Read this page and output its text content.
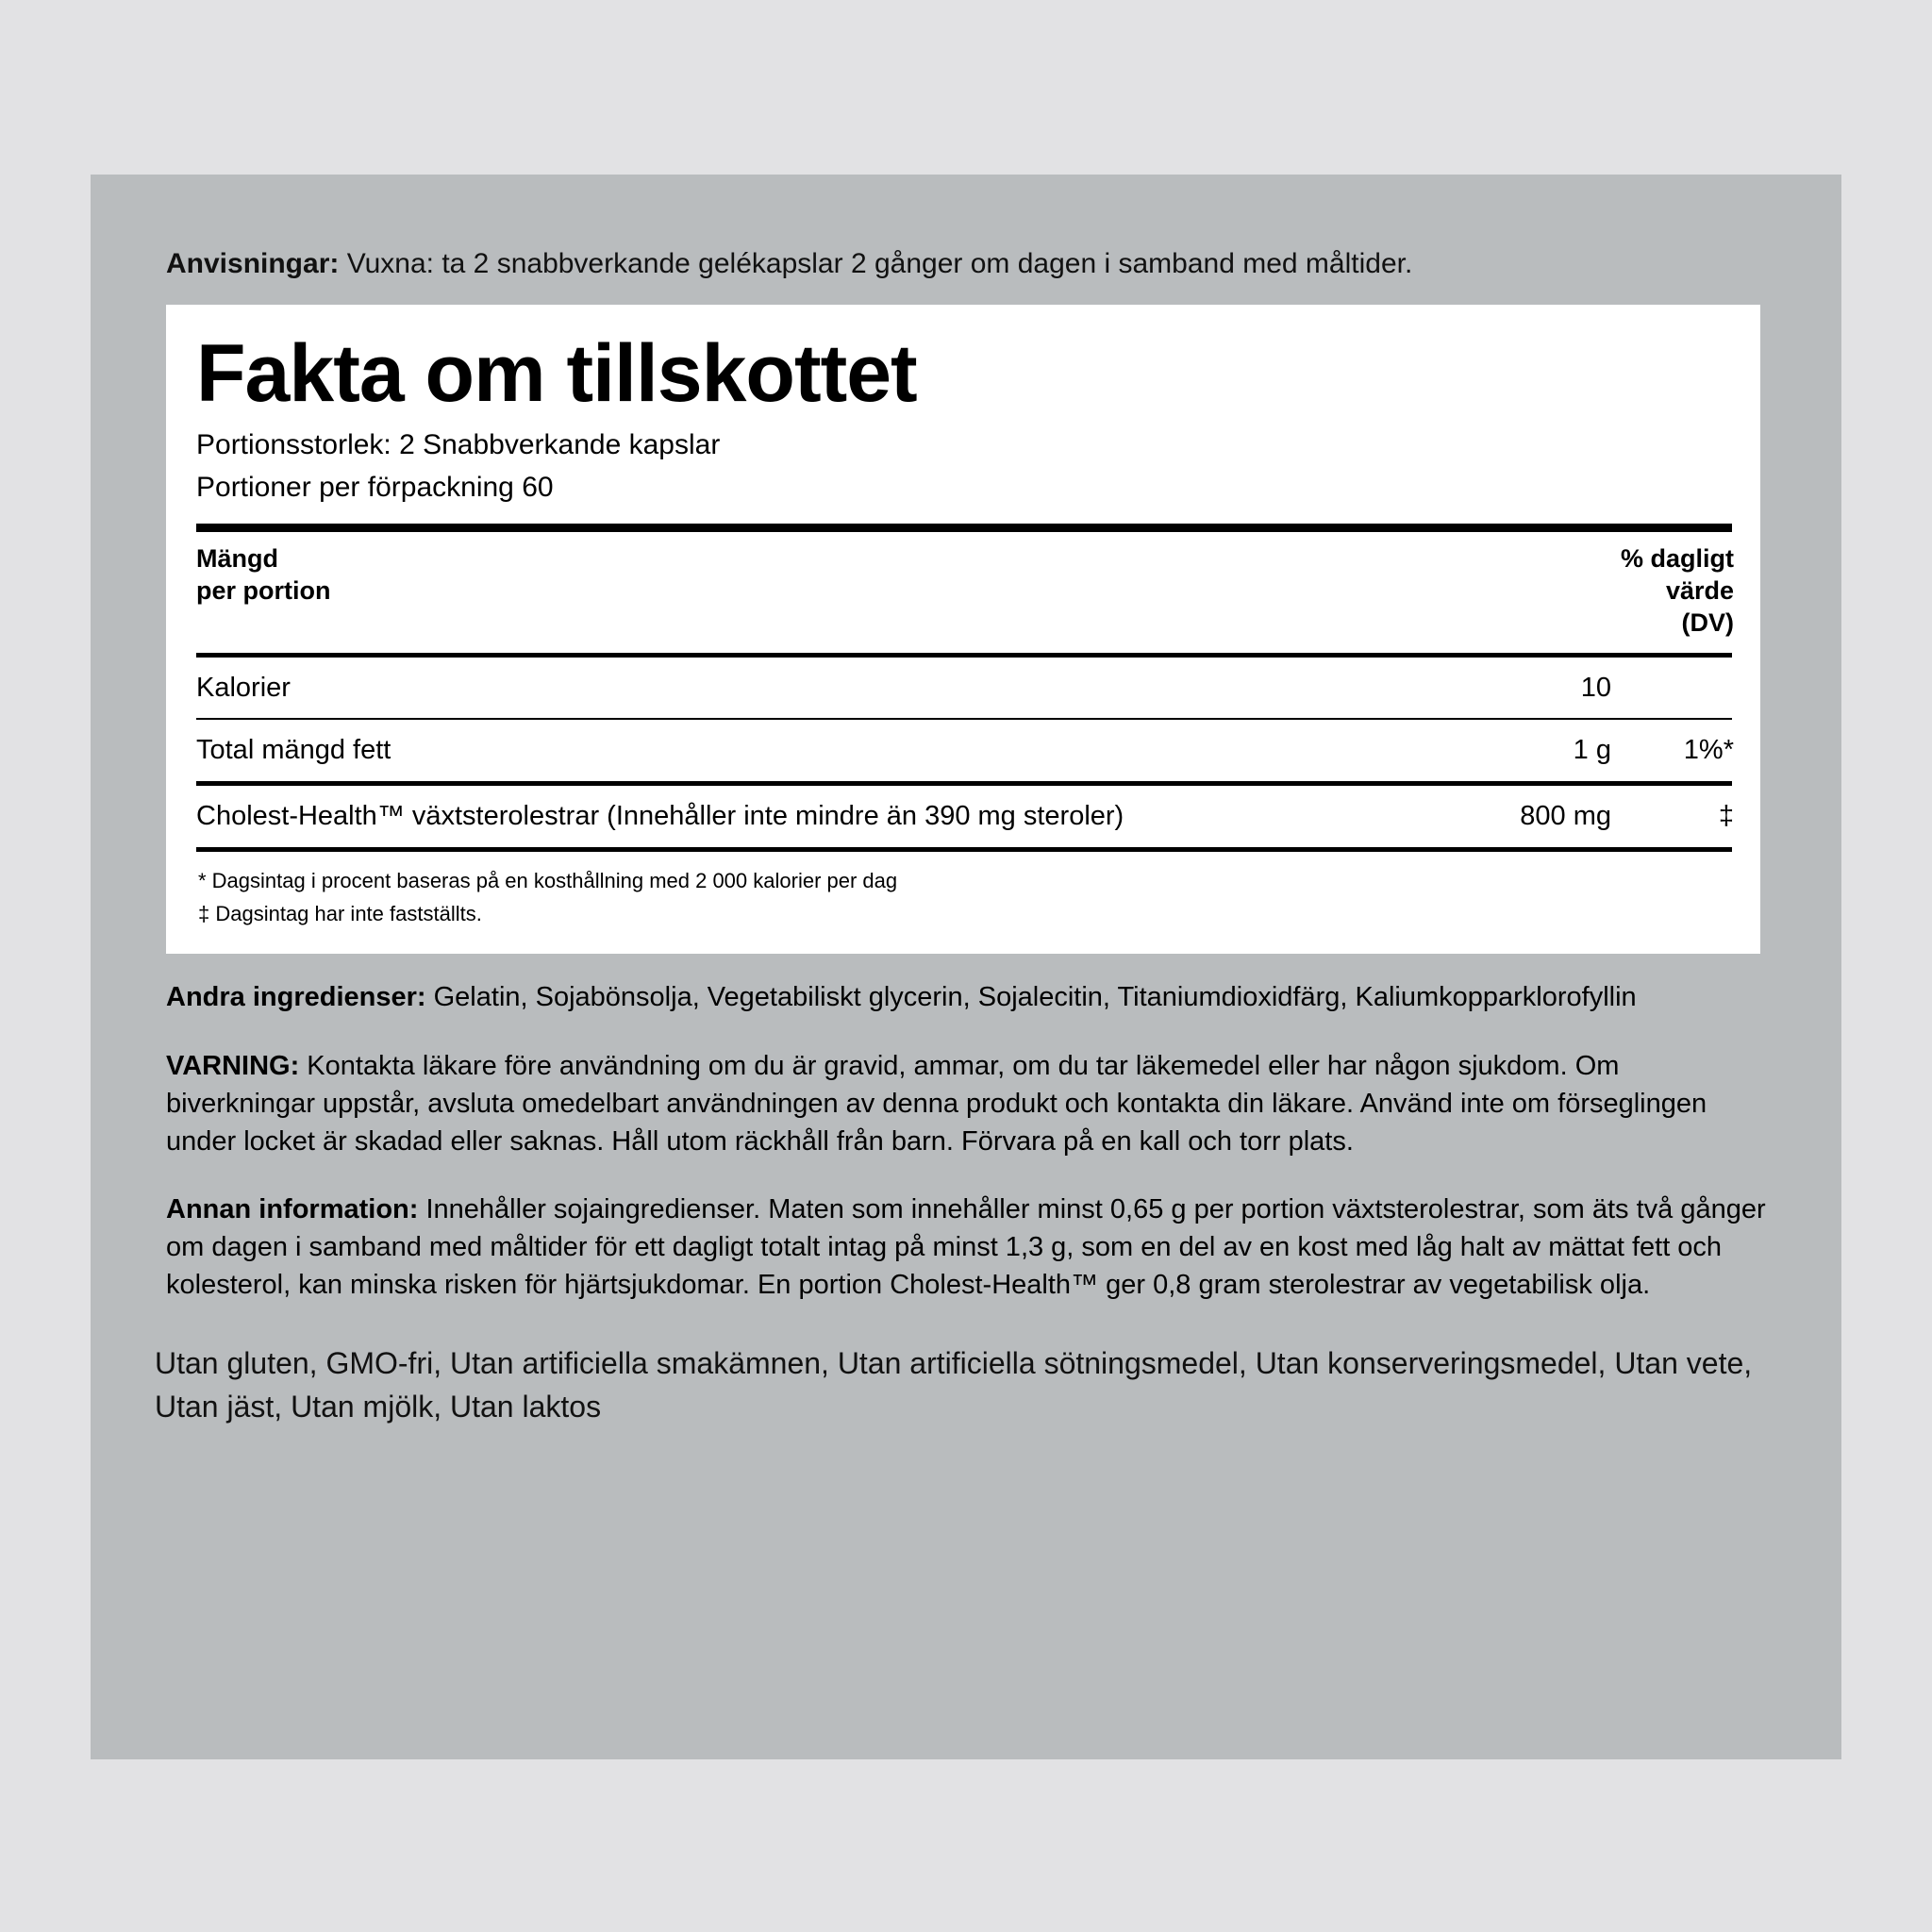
Anvisningar: Vuxna: ta 2 snabbverkande gelékapslar 2 gånger om dagen i samband med måltider.
Fakta om tillskottet
Portionsstorlek: 2 Snabbverkande kapslar
Portioner per förpackning 60
Mängd
per portion

% dagligt
värde
(DV)
Kalorier	10	
Total mängd fett	1 g	1%*
Cholest-Health™ växtsterolestrar (Innehåller inte mindre än 390 mg steroler)	800 mg	‡
* Dagsintag i procent baseras på en kosthållning med 2 000 kalorier per dag
‡ Dagsintag har inte fastställts.
Andra ingredienser: Gelatin, Sojabönsolja, Vegetabiliskt glycerin, Sojalecitin, Titaniumdioxidfärg, Kaliumkopparklorofyllin
VARNING: Kontakta läkare före användning om du är gravid, ammar, om du tar läkemedel eller har någon sjukdom. Om biverkningar uppstår, avsluta omedelbart användningen av denna produkt och kontakta din läkare. Använd inte om förseglingen under locket är skadad eller saknas. Håll utom räckhåll från barn. Förvara på en kall och torr plats.
Annan information: Innehåller sojaingredienser. Maten som innehåller minst 0,65 g per portion växtsterolestrar, som äts två gånger om dagen i samband med måltider för ett dagligt totalt intag på minst 1,3 g, som en del av en kost med låg halt av mättat fett och kolesterol, kan minska risken för hjärtsjukdomar. En portion Cholest-Health™ ger 0,8 gram sterolestrar av vegetabilisk olja.
Utan gluten, GMO-fri, Utan artificiella smakämnen, Utan artificiella sötningsmedel, Utan konserveringsmedel, Utan vete, Utan jäst, Utan mjölk, Utan laktos
